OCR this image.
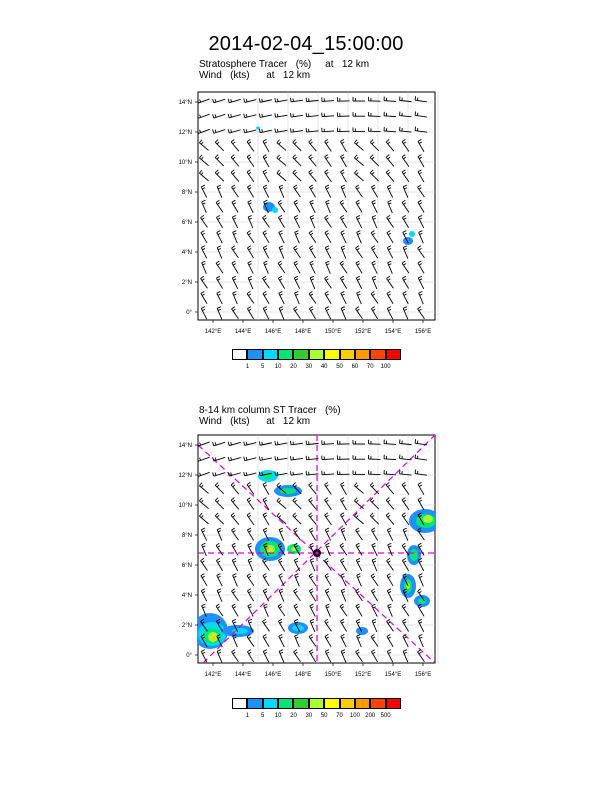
2014-02-04_15:00:00
Stratosphere Tracer   (%)     at   12 km
Wind   (kts)      at   12 km
14°N
12°N
10°N
8°N
6°N
4°N
2°N
0°
142°E 144°E 146°E 148°E 150°E 152°E 154°E 156°E
1	5	10	20	30	40	50	60	70	100
8-14 km column ST Tracer   (%)
Wind   (kts)      at   12 km
14°N
12°N
10°N
8°N
6°N
4°N
2°N
0°
142°E 144°E 146°E 148°E 150°E 152°E 154°E 156°E
1	5	10	20	30	50	70	100 200 500
